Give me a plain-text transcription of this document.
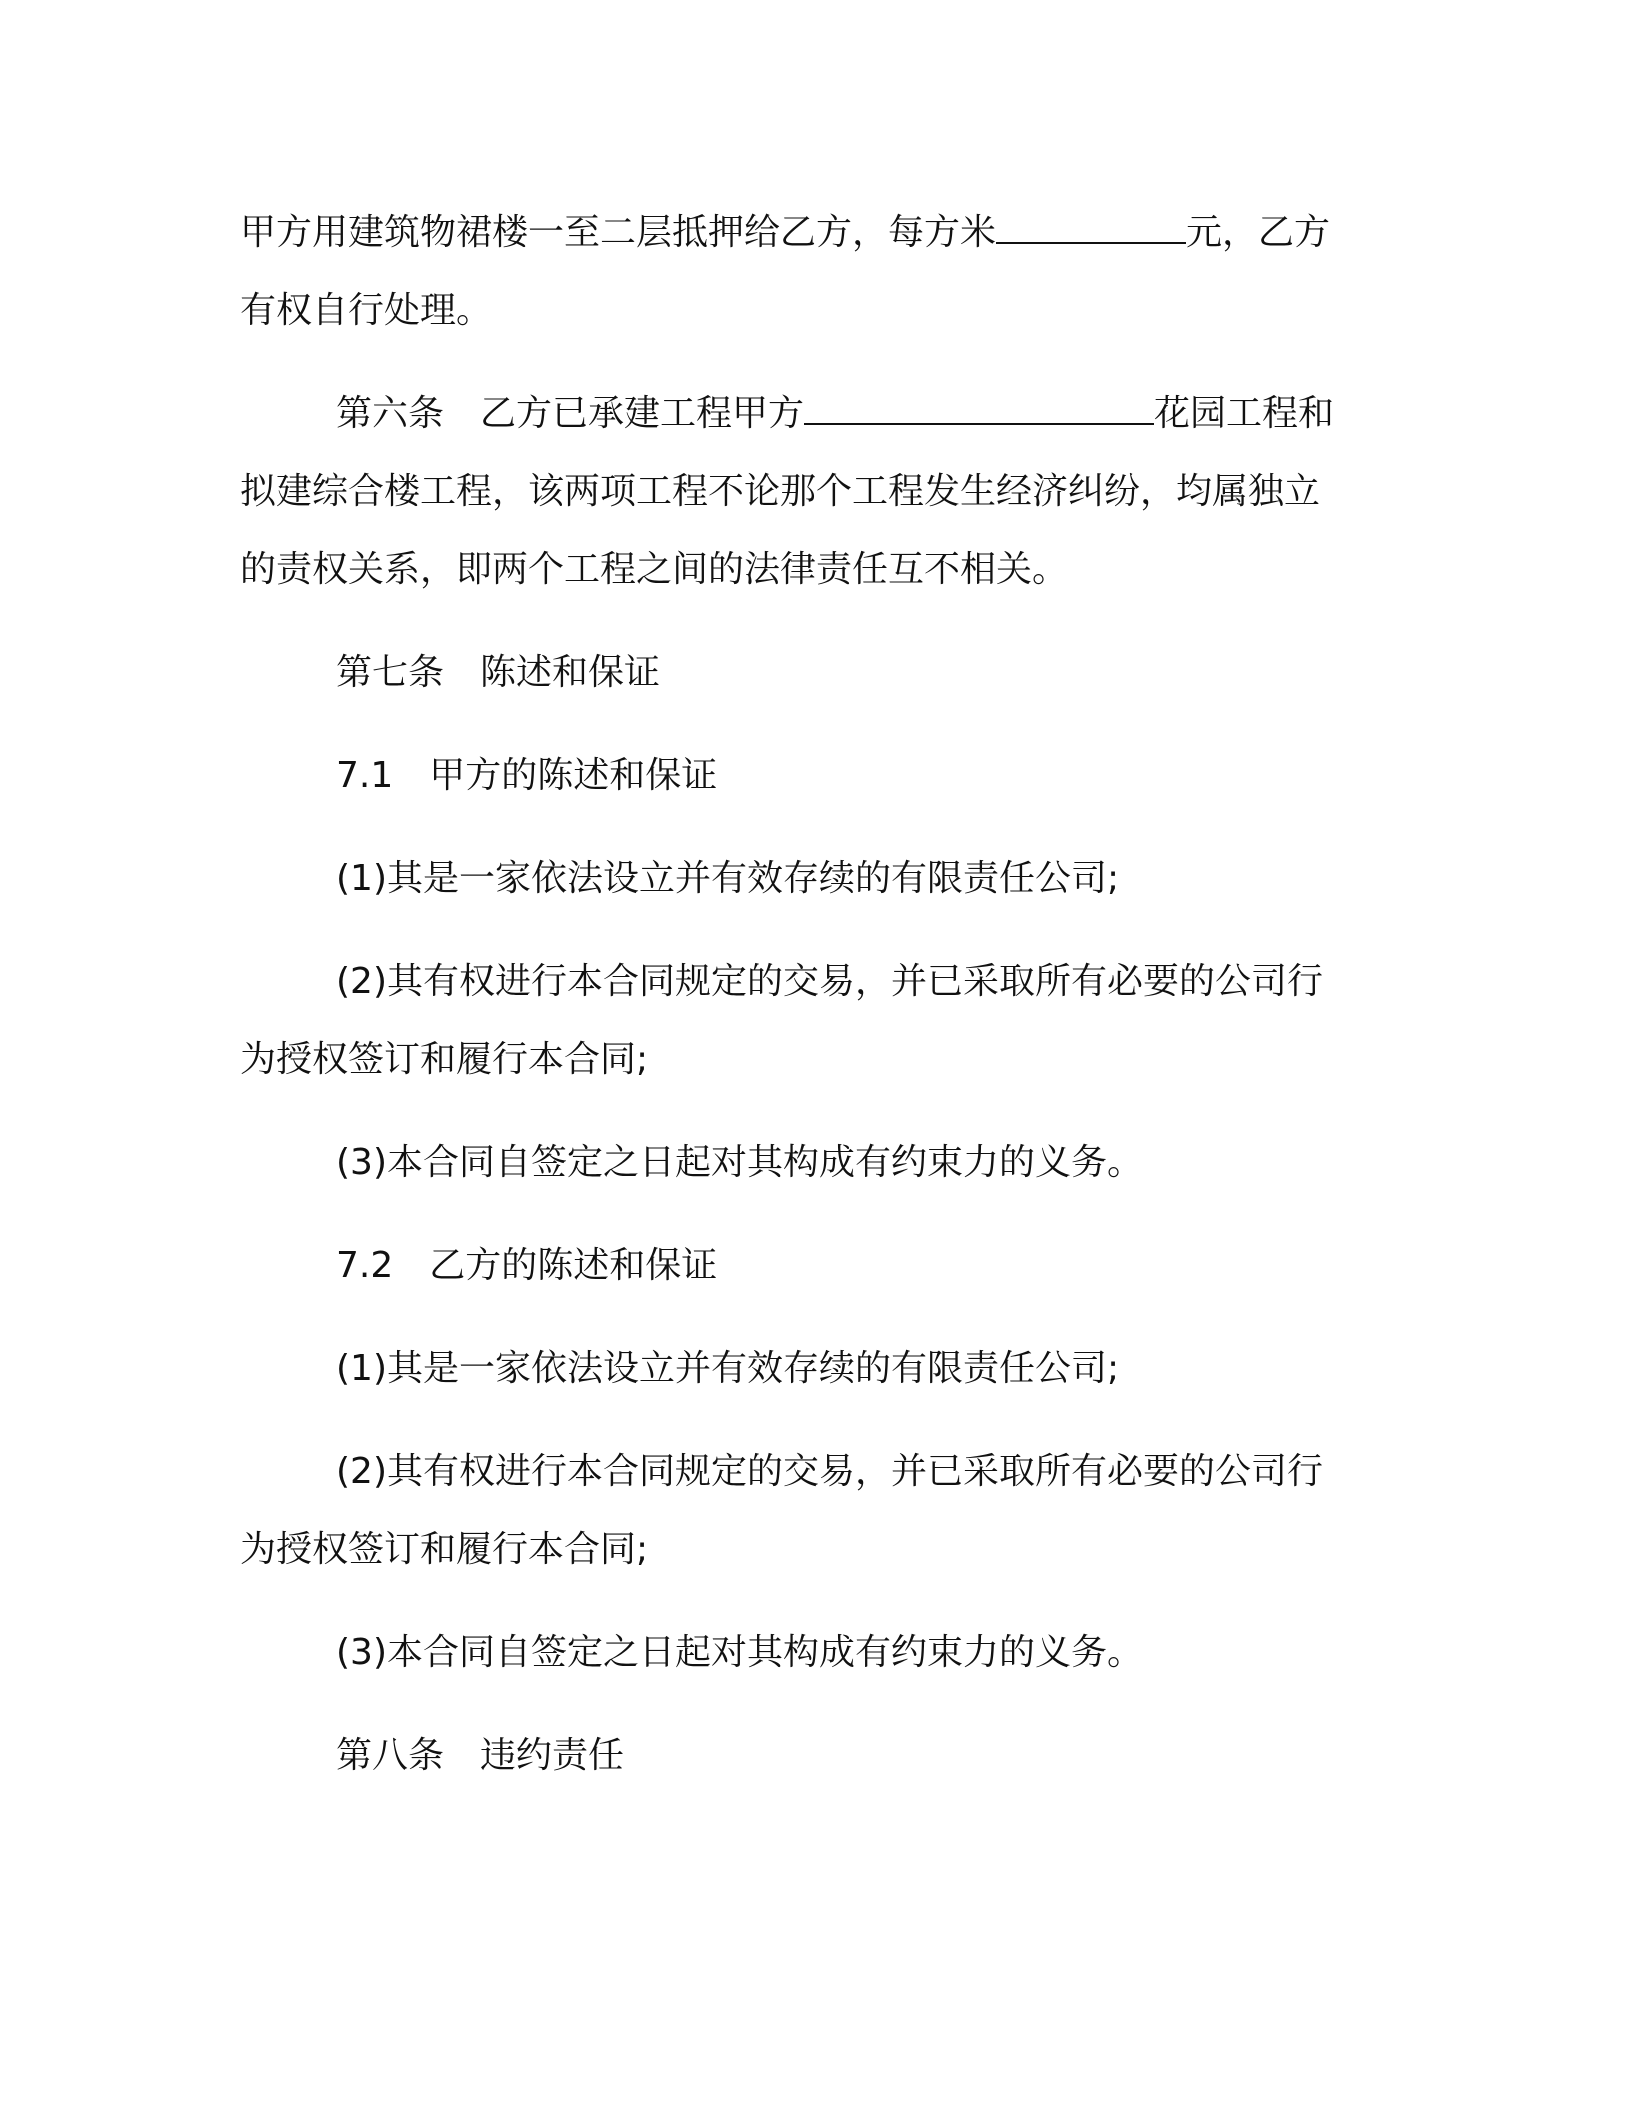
甲方用建筑物裙楼一至二层抵押给乙方，每方米	元，乙方
有权自行处理。

第六条　 乙方已承建工程甲方	花园工程和
拟建综合楼工程，该两项工程不论那个工程发生经济纠纷，均属独立
的责权关系，即两个工程之间的法律责任互不相关。

第七条　 陈述和保证

7.1　 甲方的陈述和保证

(1)其是一家依法设立并有效存续的有限责任公司;

(2)其有权进行本合同规定的交易，并已采取所有必要的公司行
为授权签订和履行本合同;

(3)本合同自签定之日起对其构成有约束力的义务。

7.2　 乙方的陈述和保证

(1)其是一家依法设立并有效存续的有限责任公司;

(2)其有权进行本合同规定的交易，并已采取所有必要的公司行
为授权签订和履行本合同;

(3)本合同自签定之日起对其构成有约束力的义务。

第八条　 违约责任
